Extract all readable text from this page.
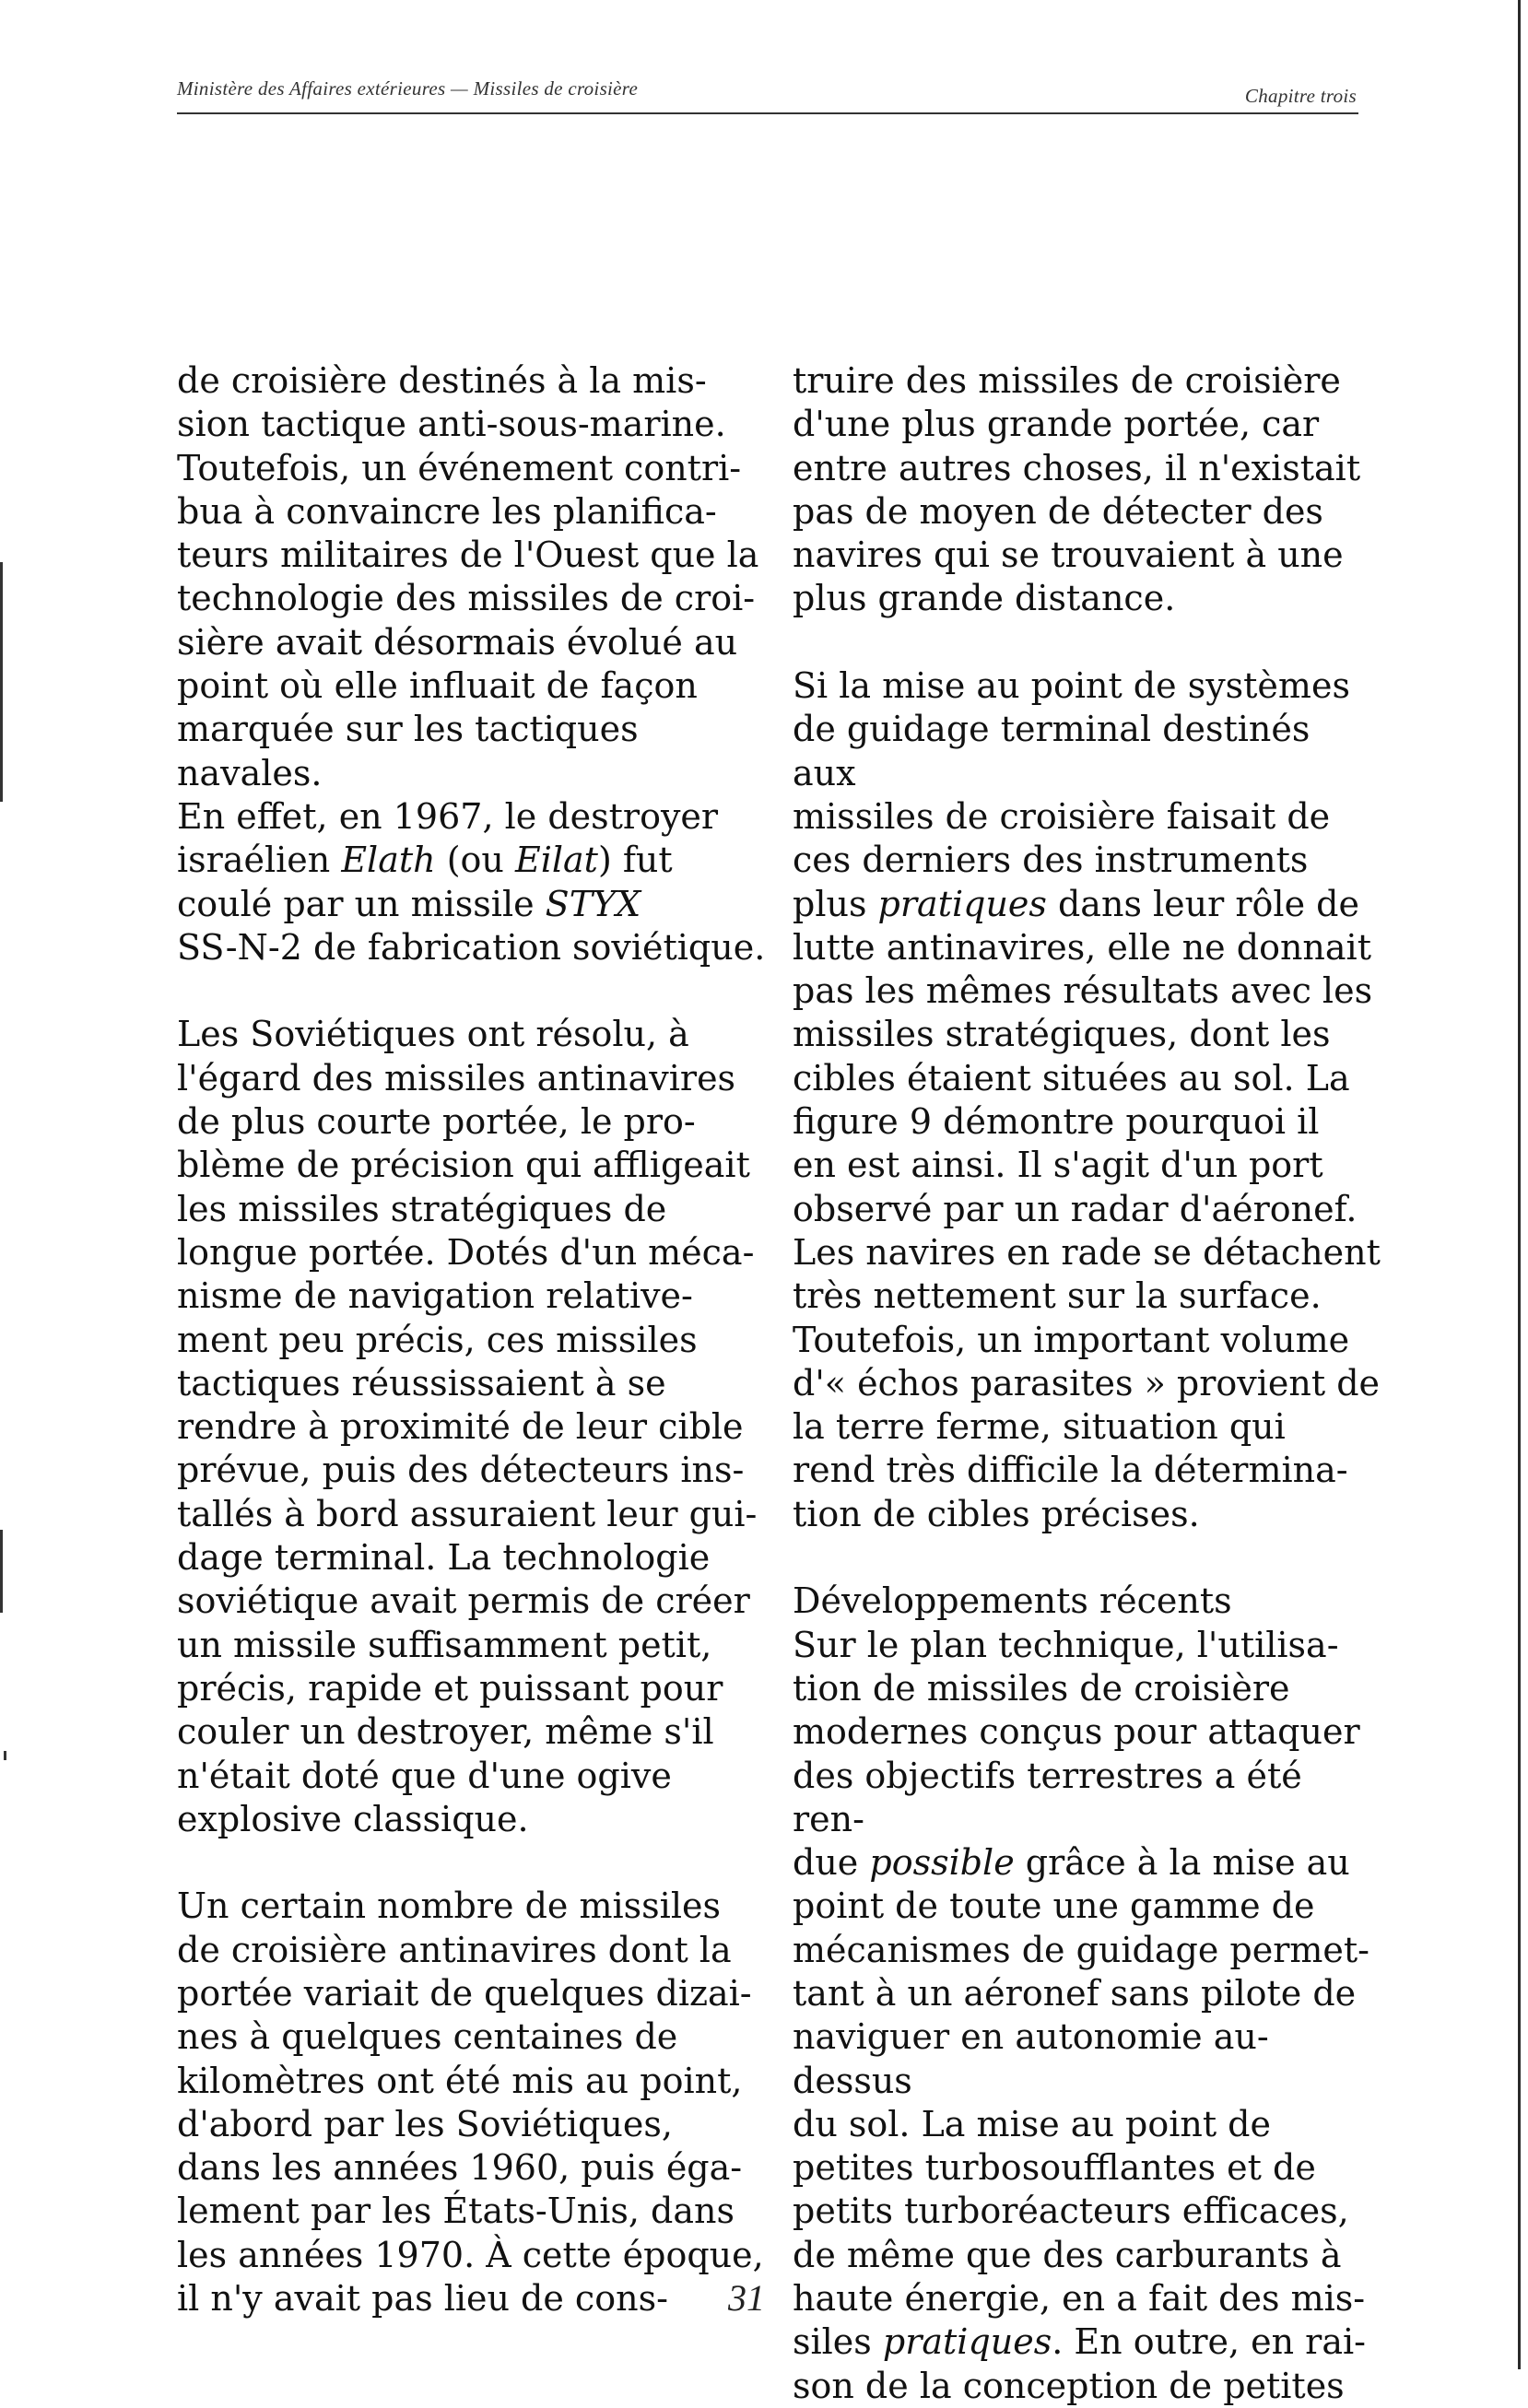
Ministère des Affaires extérieures — Missiles de croisière	Chapitre trois

de croisière destinés à la mis-
sion tactique anti-sous-marine.
Toutefois, un événement contri-
bua à convaincre les planifica-
teurs militaires de l'Ouest que la
technologie des missiles de croi-
sière avait désormais évolué au
point où elle influait de façon
marquée sur les tactiques navales.
En effet, en 1967, le destroyer
israélien Elath (ou Eilat) fut
coulé par un missile STYX
SS-N-2 de fabrication soviétique.

Les Soviétiques ont résolu, à
l'égard des missiles antinavires
de plus courte portée, le pro-
blème de précision qui affligeait
les missiles stratégiques de
longue portée. Dotés d'un méca-
nisme de navigation relative-
ment peu précis, ces missiles
tactiques réussissaient à se
rendre à proximité de leur cible
prévue, puis des détecteurs ins-
tallés à bord assuraient leur gui-
dage terminal. La technologie
soviétique avait permis de créer
un missile suffisamment petit,
précis, rapide et puissant pour
couler un destroyer, même s'il
n'était doté que d'une ogive
explosive classique.

Un certain nombre de missiles
de croisière antinavires dont la
portée variait de quelques dizai-
nes à quelques centaines de
kilomètres ont été mis au point,
d'abord par les Soviétiques,
dans les années 1960, puis éga-
lement par les États-Unis, dans
les années 1970. À cette époque,
il n'y avait pas lieu de cons-

truire des missiles de croisière
d'une plus grande portée, car
entre autres choses, il n'existait
pas de moyen de détecter des
navires qui se trouvaient à une
plus grande distance.

Si la mise au point de systèmes
de guidage terminal destinés aux
missiles de croisière faisait de
ces derniers des instruments
plus pratiques dans leur rôle de
lutte antinavires, elle ne donnait
pas les mêmes résultats avec les
missiles stratégiques, dont les
cibles étaient situées au sol. La
figure 9 démontre pourquoi il
en est ainsi. Il s'agit d'un port
observé par un radar d'aéronef.
Les navires en rade se détachent
très nettement sur la surface.
Toutefois, un important volume
d'« échos parasites » provient de
la terre ferme, situation qui
rend très difficile la détermina-
tion de cibles précises.

Développements récents

Sur le plan technique, l'utilisa-
tion de missiles de croisière
modernes conçus pour attaquer
des objectifs terrestres a été ren-
due possible grâce à la mise au
point de toute une gamme de
mécanismes de guidage permet-
tant à un aéronef sans pilote de
naviguer en autonomie au-dessus
du sol. La mise au point de
petites turbosoufflantes et de
petits turboréacteurs efficaces,
de même que des carburants à
haute énergie, en a fait des mis-
siles pratiques. En outre, en rai-
son de la conception de petites

31
